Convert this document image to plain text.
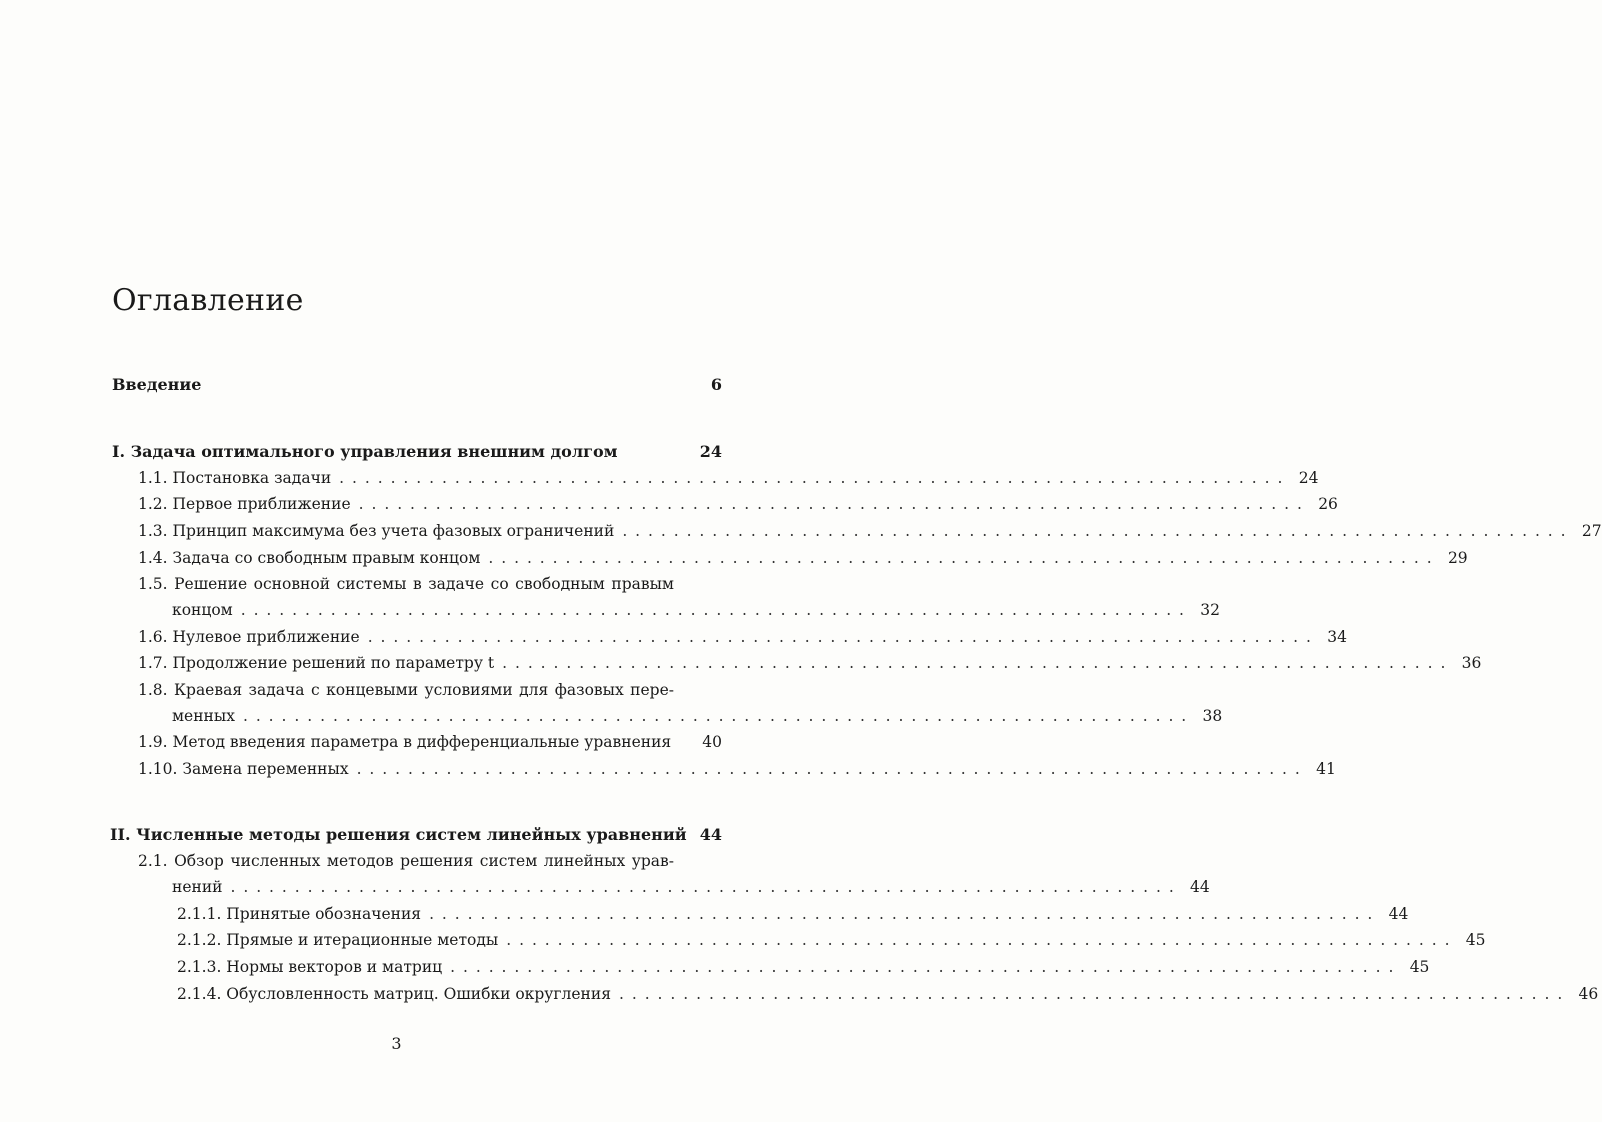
Оглавление
Введение	6
I. Задача оптимального управления внешним долгом	24
1.1. Постановка задачи . . .	24
1.2. Первое приближение . . .	26
1.3. Принцип максимума без учета фазовых ограничений . . .	27
1.4. Задача со свободным правым концом . . .	29
1.5. Решение основной системы в задаче со свободным правым
концом . . .	32
1.6. Нулевое приближение . . .	34
1.7. Продолжение решений по параметру t . . .	36
1.8. Краевая задача с концевыми условиями для фазовых пере-
менных . . .	38
1.9. Метод введения параметра в дифференциальные уравнения 40
1.10. Замена переменных . . .	41
II. Численные методы решения систем линейных уравнений 44
2.1. Обзор численных методов решения систем линейных урав-
нений . . .	44
2.1.1. Принятые обозначения . . .	44
2.1.2. Прямые и итерационные методы . . .	45
2.1.3. Нормы векторов и матриц . . .	45
2.1.4. Обусловленность матриц. Ошибки округления . . .	46
3
